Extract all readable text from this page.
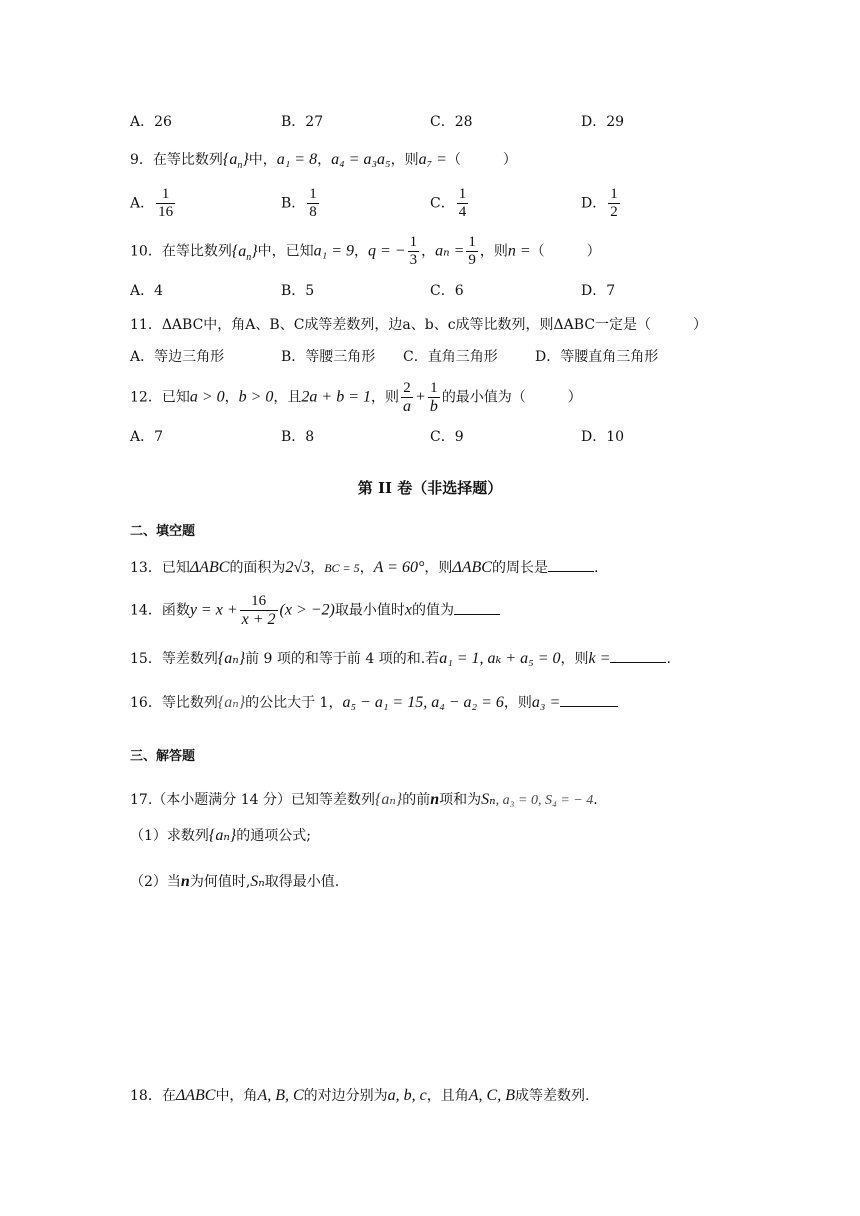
A．26	B．27	C．28	D．29
9．在等比数列$\{a_n\}$中，a₁ = 8，a₄ = a₃a₅，则a₇ =（　　　）
A． $\frac{1}{16}$	B． $\frac{1}{8}$	C． $\frac{1}{4}$	D． $\frac{1}{2}$
10．在等比数列$\{a_n\}$中，已知a₁ = 9，q = − $\frac{1}{3}$ ，$a_n = \frac{1}{9}$ ，则n =（　　　）
A．4	B．5	C．6	D．7
11．ΔABC中，角A、B、C成等差数列，边a、b、c成等比数列，则ΔABC一定是（　　　）
A．等边三角形	B．等腰三角形 C．直角三角形	D．等腰直角三角形
12．已知a > 0，b > 0，且2a + b = 1，则 $\frac{2}{a} + \frac{1}{b}$ 的最小值为（　　　）
A．7	B．8	C．9	D．10
第 II 卷（非选择题）
二、填空题
13．已知ΔABC的面积为2√3，BC = 5，A = 60°，则ΔABC的周长是	.
14．函数$y = x + \frac{16}{x + 2} (x > -2)$取最小值时x的值为
15．等差数列{aₙ}前 9 项的和等于前 4 项的和.若a₁ = 1, aₖ + a₅ = 0，则k =	.
16．等比数列{aₙ}的公比大于 1，a₅ − a₁ = 15, a₄ − a₂ = 6，则a₃ =
三、解答题
17.（本小题满分 14 分）已知等差数列{aₙ}的前n项和为Sₙ, a₃ = 0, S₄ = − 4.
（1）求数列{aₙ}的通项公式;
（2）当n为何值时,Sₙ取得最小值.
18．在ΔABC中，角A, B, C的对边分别为a, b, c，且角A, C, B成等差数列.
